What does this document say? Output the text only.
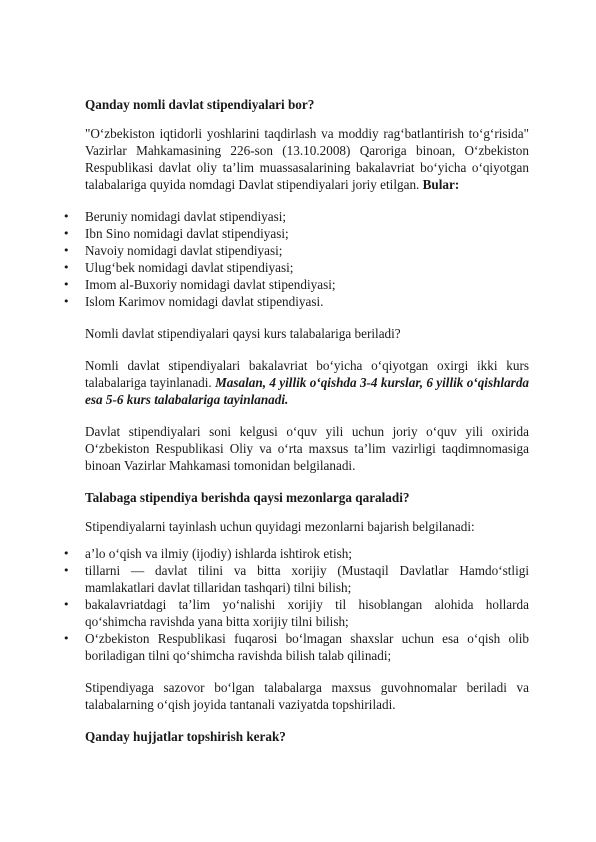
Qanday nomli davlat stipendiyalari bor?

"O‘zbekiston iqtidorli yoshlarini taqdirlash va moddiy rag‘batlantirish to‘g‘risida" Vazirlar Mahkamasining 226-son (13.10.2008) Qaroriga binoan, O‘zbekiston Respublikasi davlat oliy ta’lim muassasalarining bakalavriat bo‘yicha o‘qiyotgan talabalariga quyida nomdagi Davlat stipendiyalari joriy etilgan. Bular:

• Beruniy nomidagi davlat stipendiyasi;
• Ibn Sino nomidagi davlat stipendiyasi;
• Navoiy nomidagi davlat stipendiyasi;
• Ulug‘bek nomidagi davlat stipendiyasi;
• Imom al-Buxoriy nomidagi davlat stipendiyasi;
• Islom Karimov nomidagi davlat stipendiyasi.

Nomli davlat stipendiyalari qaysi kurs talabalariga beriladi?

Nomli davlat stipendiyalari bakalavriat bo‘yicha o‘qiyotgan oxirgi ikki kurs talabalariga tayinlanadi. Masalan, 4 yillik o‘qishda 3-4 kurslar, 6 yillik o‘qishlarda esa 5-6 kurs talabalariga tayinlanadi.

Davlat stipendiyalari soni kelgusi o‘quv yili uchun joriy o‘quv yili oxirida O‘zbekiston Respublikasi Oliy va o‘rta maxsus ta’lim vazirligi taqdimnomasiga binoan Vazirlar Mahkamasi tomonidan belgilanadi.

Talabaga stipendiya berishda qaysi mezonlarga qaraladi?

Stipendiyalarni tayinlash uchun quyidagi mezonlarni bajarish belgilanadi:

• a’lo o‘qish va ilmiy (ijodiy) ishlarda ishtirok etish;
• tillarni — davlat tilini va bitta xorijiy (Mustaqil Davlatlar Hamdo‘stligi mamlakatlari davlat tillaridan tashqari) tilni bilish;
• bakalavriatdagi ta’lim yo‘nalishi xorijiy til hisoblangan alohida hollarda qo‘shimcha ravishda yana bitta xorijiy tilni bilish;
• O‘zbekiston Respublikasi fuqarosi bo‘lmagan shaxslar uchun esa o‘qish olib boriladigan tilni qo‘shimcha ravishda bilish talab qilinadi;

Stipendiyaga sazovor bo‘lgan talabalarga maxsus guvohnomalar beriladi va talabalarning o‘qish joyida tantanali vaziyatda topshiriladi.

Qanday hujjatlar topshirish kerak?
